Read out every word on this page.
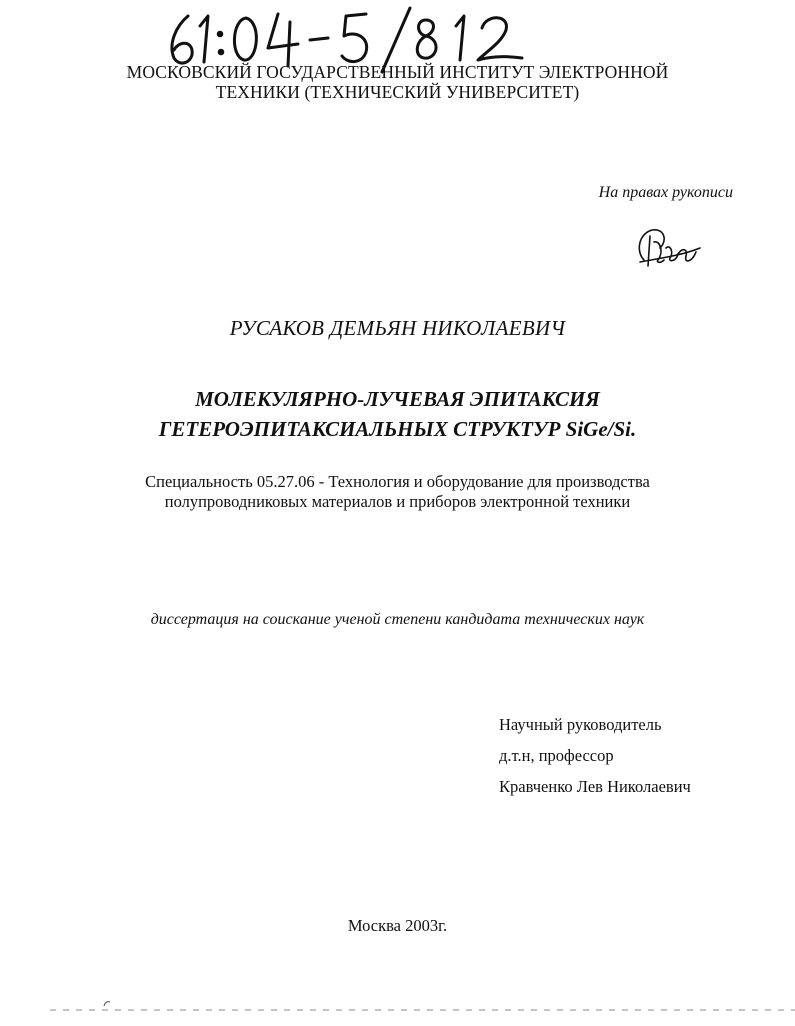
МОСКОВСКИЙ ГОСУДАРСТВЕННЫЙ ИНСТИТУТ ЭЛЕКТРОННОЙ
ТЕХНИКИ (ТЕХНИЧЕСКИЙ УНИВЕРСИТЕТ)
На правах рукописи
РУСАКОВ ДЕМЬЯН НИКОЛАЕВИЧ
МОЛЕКУЛЯРНО-ЛУЧЕВАЯ ЭПИТАКСИЯ
ГЕТЕРОЭПИТАКСИАЛЬНЫХ СТРУКТУР SiGe/Si.
Специальность 05.27.06 - Технология и оборудование для производства
полупроводниковых материалов и приборов электронной техники
диссертация на соискание ученой степени кандидата технических наук
Научный руководитель
д.т.н, профессор
Кравченко Лев Николаевич
Москва 2003г.
